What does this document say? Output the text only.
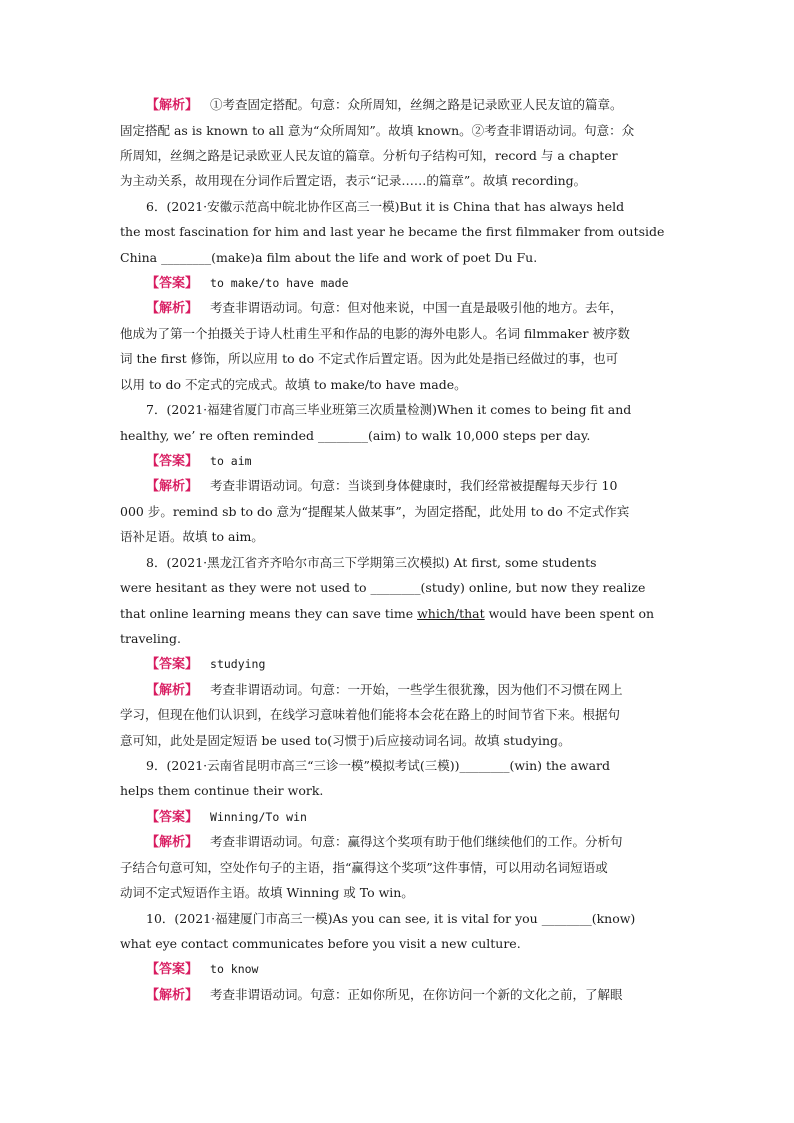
【解析】 ①考查固定搭配。句意：众所周知，丝绸之路是记录欧亚人民友谊的篇章。
固定搭配 as is known to all 意为“众所周知”。故填 known。②考查非谓语动词。句意：众
所周知，丝绸之路是记录欧亚人民友谊的篇章。分析句子结构可知，record 与 a chapter
为主动关系，故用现在分词作后置定语，表示“记录……的篇章”。故填 recording。
6．(2021·安徽示范高中皖北协作区高三一模)But it is China that has always held
the most fascination for him and last year he became the first filmmaker from outside
China ________(make)a film about the life and work of poet Du Fu.
【答案】 to make/to have made
【解析】 考查非谓语动词。句意：但对他来说，中国一直是最吸引他的地方。去年，
他成为了第一个拍摄关于诗人杜甫生平和作品的电影的海外电影人。名词 filmmaker 被序数
词 the first 修饰，所以应用 to do 不定式作后置定语。因为此处是指已经做过的事，也可
以用 to do 不定式的完成式。故填 to make/to have made。
7．(2021·福建省厦门市高三毕业班第三次质量检测)When it comes to being fit and
healthy, we’ re often reminded ________(aim) to walk 10,000 steps per day.
【答案】 to aim
【解析】 考查非谓语动词。句意：当谈到身体健康时，我们经常被提醒每天步行 10
000 步。remind sb to do 意为“提醒某人做某事”，为固定搭配，此处用 to do 不定式作宾
语补足语。故填 to aim。
8．(2021·黑龙江省齐齐哈尔市高三下学期第三次模拟) At first, some students
were hesitant as they were not used to ________(study) online, but now they realize
that online learning means they can save time which/that would have been spent on
traveling.
【答案】 studying
【解析】 考查非谓语动词。句意：一开始，一些学生很犹豫，因为他们不习惯在网上
学习，但现在他们认识到，在线学习意味着他们能将本会花在路上的时间节省下来。根据句
意可知，此处是固定短语 be used to(习惯于)后应接动词名词。故填 studying。
9．(2021·云南省昆明市高三“三诊一模”模拟考试(三模))________(win) the award
helps them continue their work.
【答案】 Winning/To win
【解析】 考查非谓语动词。句意：赢得这个奖项有助于他们继续他们的工作。分析句
子结合句意可知，空处作句子的主语，指“赢得这个奖项”这件事情，可以用动名词短语或
动词不定式短语作主语。故填 Winning 或 To win。
10．(2021·福建厦门市高三一模)As you can see, it is vital for you ________(know)
what eye contact communicates before you visit a new culture.
【答案】 to know
【解析】 考查非谓语动词。句意：正如你所见，在你访问一个新的文化之前，了解眼
